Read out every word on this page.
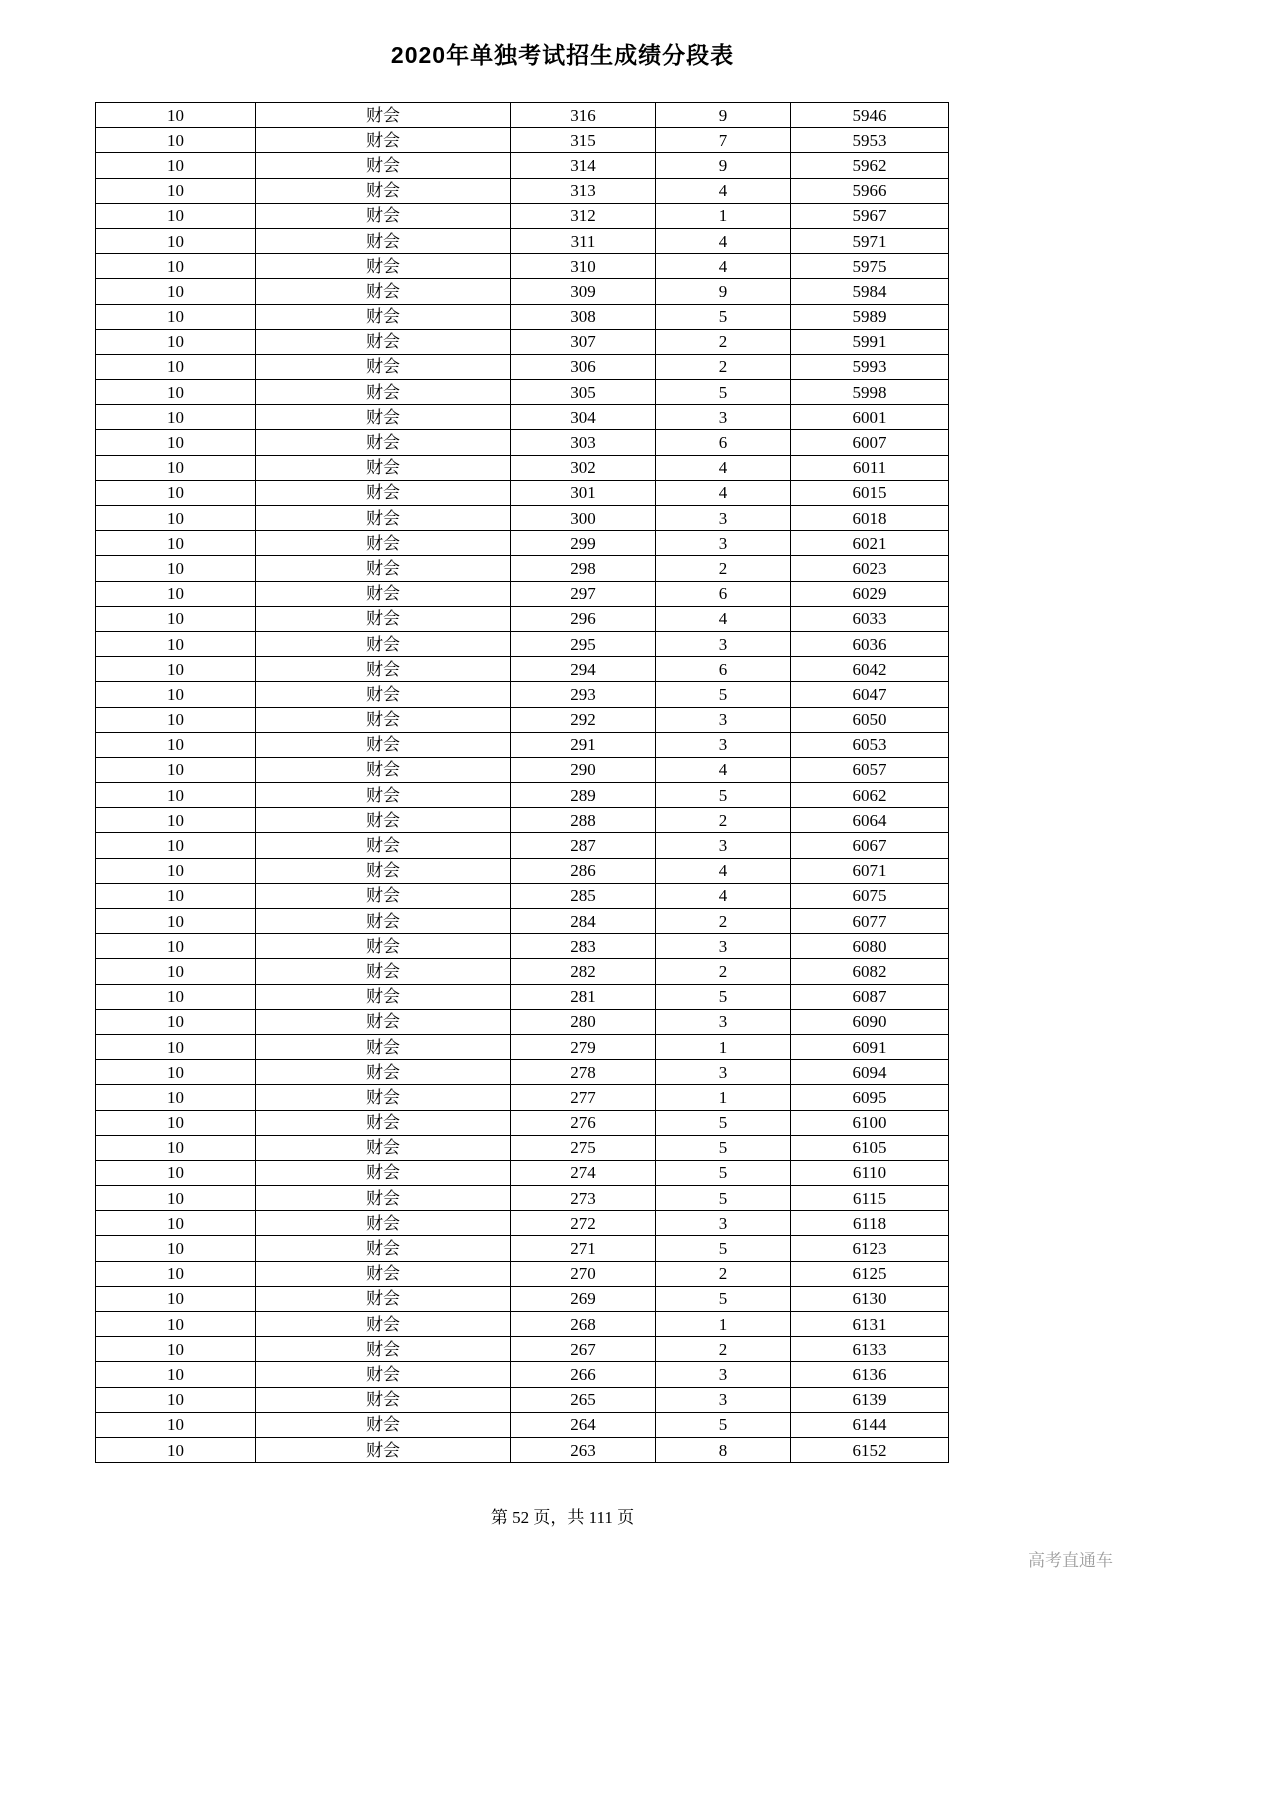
2020年单独考试招生成绩分段表
10	财会	316	9	5946
10	财会	315	7	5953
10	财会	314	9	5962
10	财会	313	4	5966
10	财会	312	1	5967
10	财会	311	4	5971
10	财会	310	4	5975
10	财会	309	9	5984
10	财会	308	5	5989
10	财会	307	2	5991
10	财会	306	2	5993
10	财会	305	5	5998
10	财会	304	3	6001
10	财会	303	6	6007
10	财会	302	4	6011
10	财会	301	4	6015
10	财会	300	3	6018
10	财会	299	3	6021
10	财会	298	2	6023
10	财会	297	6	6029
10	财会	296	4	6033
10	财会	295	3	6036
10	财会	294	6	6042
10	财会	293	5	6047
10	财会	292	3	6050
10	财会	291	3	6053
10	财会	290	4	6057
10	财会	289	5	6062
10	财会	288	2	6064
10	财会	287	3	6067
10	财会	286	4	6071
10	财会	285	4	6075
10	财会	284	2	6077
10	财会	283	3	6080
10	财会	282	2	6082
10	财会	281	5	6087
10	财会	280	3	6090
10	财会	279	1	6091
10	财会	278	3	6094
10	财会	277	1	6095
10	财会	276	5	6100
10	财会	275	5	6105
10	财会	274	5	6110
10	财会	273	5	6115
10	财会	272	3	6118
10	财会	271	5	6123
10	财会	270	2	6125
10	财会	269	5	6130
10	财会	268	1	6131
10	财会	267	2	6133
10	财会	266	3	6136
10	财会	265	3	6139
10	财会	264	5	6144
10	财会	263	8	6152
第 52 页，共 111 页
高考直通车
